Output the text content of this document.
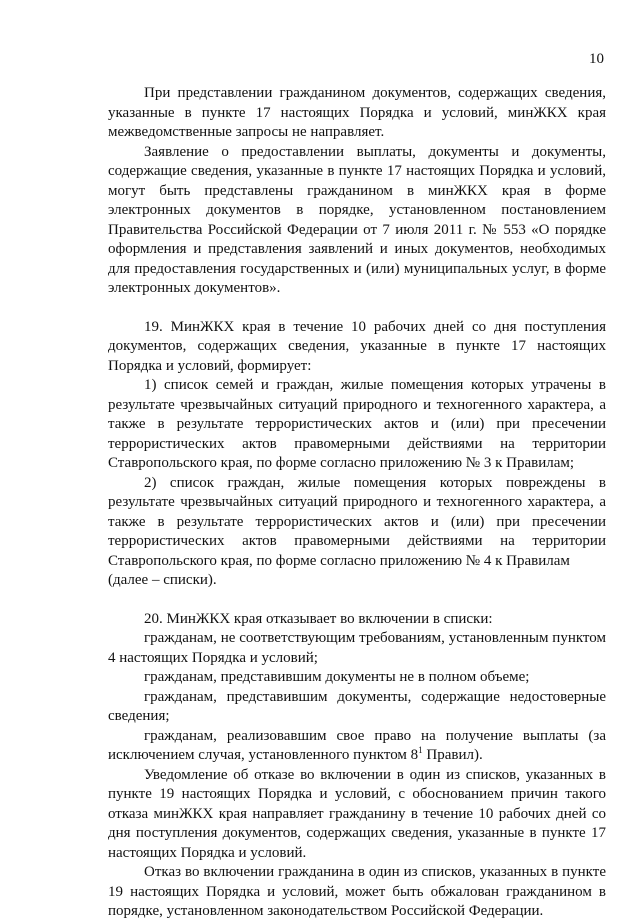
10

При представлении гражданином документов, содержащих сведения, указанные в пункте 17 настоящих Порядка и условий, минЖКХ края межведомственные запросы не направляет.

Заявление о предоставлении выплаты, документы и документы, содержащие сведения, указанные в пункте 17 настоящих Порядка и условий, могут быть представлены гражданином в минЖКХ края в форме электронных документов в порядке, установленном постановлением Правительства Российской Федерации от 7 июля 2011 г. № 553 «О порядке оформления и представления заявлений и иных документов, необходимых для предоставления государственных и (или) муниципальных услуг, в форме электронных документов».

19. МинЖКХ края в течение 10 рабочих дней со дня поступления документов, содержащих сведения, указанные в пункте 17 настоящих Порядка и условий, формирует:

1) список семей и граждан, жилые помещения которых утрачены в результате чрезвычайных ситуаций природного и техногенного характера, а также в результате террористических актов и (или) при пресечении террористических актов правомерными действиями на территории Ставропольского края, по форме согласно приложению № 3 к Правилам;

2) список граждан, жилые помещения которых повреждены в результате чрезвычайных ситуаций природного и техногенного характера, а также в результате террористических актов и (или) при пресечении террористических актов правомерными действиями на территории Ставропольского края, по форме согласно приложению № 4 к Правилам

(далее – списки).

20. МинЖКХ края отказывает во включении в списки:

гражданам, не соответствующим требованиям, установленным пунктом 4 настоящих Порядка и условий;

гражданам, представившим документы не в полном объеме;

гражданам, представившим документы, содержащие недостоверные сведения;

гражданам, реализовавшим свое право на получение выплаты (за исключением случая, установленного пунктом $8^1$ Правил).

Уведомление об отказе во включении в один из списков, указанных в пункте 19 настоящих Порядка и условий, с обоснованием причин такого отказа минЖКХ края направляет гражданину в течение 10 рабочих дней со дня поступления документов, содержащих сведения, указанные в пункте 17 настоящих Порядка и условий.

Отказ во включении гражданина в один из списков, указанных в пункте 19 настоящих Порядка и условий, может быть обжалован гражданином в порядке, установленном законодательством Российской Федерации.
